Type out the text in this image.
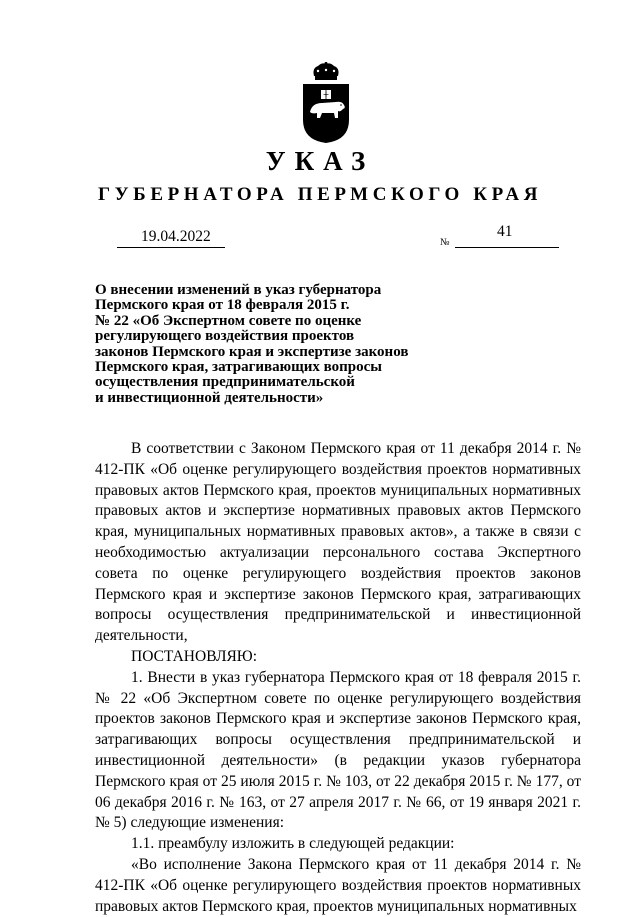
УКАЗ
ГУБЕРНАТОРА ПЕРМСКОГО КРАЯ
19.04.2022	№
41
О внесении изменений в указ губернатора
Пермского края от 18 февраля 2015 г.
№ 22 «Об Экспертном совете по оценке
регулирующего воздействия проектов
законов Пермского края и экспертизе законов
Пермского края, затрагивающих вопросы
осуществления предпринимательской
и инвестиционной деятельности»

В соответствии с Законом Пермского края от 11 декабря 2014 г. № 412-ПК «Об оценке регулирующего воздействия проектов нормативных правовых актов Пермского края, проектов муниципальных нормативных правовых актов и экспертизе нормативных правовых актов Пермского края, муниципальных нормативных правовых актов», а также в связи с необходимостью актуализации персонального состава Экспертного совета по оценке регулирующего воздействия проектов законов Пермского края и экспертизе законов Пермского края, затрагивающих вопросы осуществления предпринимательской и инвестиционной деятельности,

ПОСТАНОВЛЯЮ:

1. Внести в указ губернатора Пермского края от 18 февраля 2015 г. № 22 «Об Экспертном совете по оценке регулирующего воздействия проектов законов Пермского края и экспертизе законов Пермского края, затрагивающих вопросы осуществления предпринимательской и инвестиционной деятельности» (в редакции указов губернатора Пермского края от 25 июля 2015 г. № 103, от 22 декабря 2015 г. № 177, от 06 декабря 2016 г. № 163, от 27 апреля 2017 г. № 66, от 19 января 2021 г. № 5) следующие изменения:

1.1. преамбулу изложить в следующей редакции:

«Во исполнение Закона Пермского края от 11 декабря 2014 г. № 412-ПК «Об оценке регулирующего воздействия проектов нормативных правовых актов Пермского края, проектов муниципальных нормативных
